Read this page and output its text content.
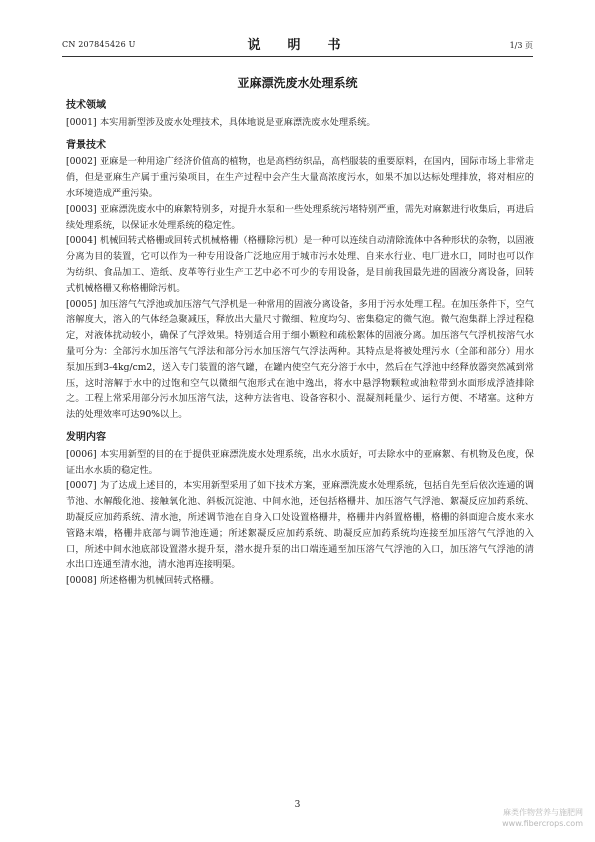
CN 207845426 U	说　明　书	1/3 页
亚麻漂洗废水处理系统
技术领域

[0001] 本实用新型涉及废水处理技术，具体地说是亚麻漂洗废水处理系统。

背景技术

[0002] 亚麻是一种用途广经济价值高的植物，也是高档纺织品，高档服装的重要原料，在国内，国际市场上非常走俏，但是亚麻生产属于重污染项目，在生产过程中会产生大量高浓度污水，如果不加以达标处理排放，将对相应的水环境造成严重污染。

[0003] 亚麻漂洗废水中的麻絮特别多，对提升水泵和一些处理系统污堵特别严重，需先对麻絮进行收集后，再进后续处理系统，以保证水处理系统的稳定性。

[0004] 机械回转式格栅或回转式机械格栅（格栅除污机）是一种可以连续自动清除流体中各种形状的杂物，以固液分离为目的装置，它可以作为一种专用设备广泛地应用于城市污水处理、自来水行业、电厂进水口，同时也可以作为纺织、食品加工、造纸、皮革等行业生产工艺中必不可少的专用设备，是目前我国最先进的固液分离设备，回转式机械格栅又称格栅除污机。

[0005] 加压溶气气浮池或加压溶气气浮机是一种常用的固液分离设备，多用于污水处理工程。在加压条件下，空气溶解度大，溶入的气体经急聚减压，释放出大量尺寸微细、粒度均匀、密集稳定的微气泡。微气泡集群上浮过程稳定，对液体扰动较小，确保了气浮效果。特别适合用于细小颗粒和疏松絮体的固液分离。加压溶气气浮机按溶气水量可分为：全部污水加压溶气气浮法和部分污水加压溶气气浮法两种。其特点是将被处理污水（全部和部分）用水泵加压到3-4kg/cm2，送入专门装置的溶气罐，在罐内使空气充分溶于水中，然后在气浮池中经释放器突然减到常压，这时溶解于水中的过饱和空气以微细气泡形式在池中逸出，将水中悬浮物颗粒或油粒带到水面形成浮渣排除之。工程上常采用部分污水加压溶气法，这种方法省电、设备容积小、混凝剂耗量少、运行方便、不堵塞。这种方法的处理效率可达90%以上。

发明内容

[0006] 本实用新型的目的在于提供亚麻漂洗废水处理系统，出水水质好，可去除水中的亚麻絮、有机物及色度，保证出水水质的稳定性。

[0007] 为了达成上述目的，本实用新型采用了如下技术方案，亚麻漂洗废水处理系统，包括自先至后依次连通的调节池、水解酸化池、接触氧化池、斜板沉淀池、中间水池，还包括格栅井、加压溶气气浮池、絮凝反应加药系统、助凝反应加药系统、清水池，所述调节池在自身入口处设置格栅井，格栅井内斜置格栅，格栅的斜面迎合废水来水管路末端，格栅井底部与调节池连通；所述絮凝反应加药系统、助凝反应加药系统均连接至加压溶气气浮池的入口，所述中间水池底部设置潜水提升泵，潜水提升泵的出口端连通至加压溶气气浮池的入口，加压溶气气浮池的清水出口连通至清水池，清水池再连接明渠。

[0008] 所述格栅为机械回转式格栅。

3
麻类作物营养与施肥网
www.fibercrops.com
